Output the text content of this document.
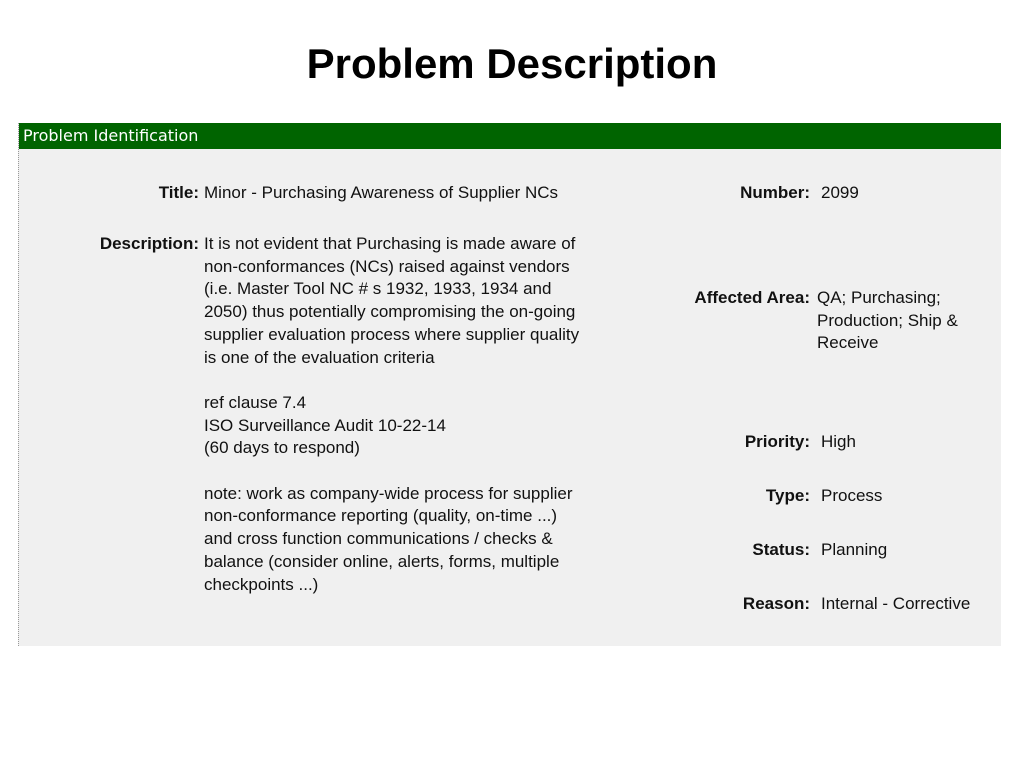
Problem Description
Problem Identification
Title: Minor - Purchasing Awareness of Supplier NCs
Description: It is not evident that Purchasing is made aware of non-conformances (NCs) raised against vendors (i.e. Master Tool NC # s 1932, 1933, 1934 and 2050) thus potentially compromising the on-going supplier evaluation process where supplier quality is one of the evaluation criteria
ref clause 7.4
ISO Surveillance Audit 10-22-14
(60 days to respond)
note: work as company-wide process for supplier non-conformance reporting (quality, on-time ...) and cross function communications / checks & balance (consider online, alerts, forms, multiple checkpoints ...)
Number: 2099
Affected Area: QA; Purchasing; Production; Ship & Receive
Priority: High
Type: Process
Status: Planning
Reason: Internal - Corrective
